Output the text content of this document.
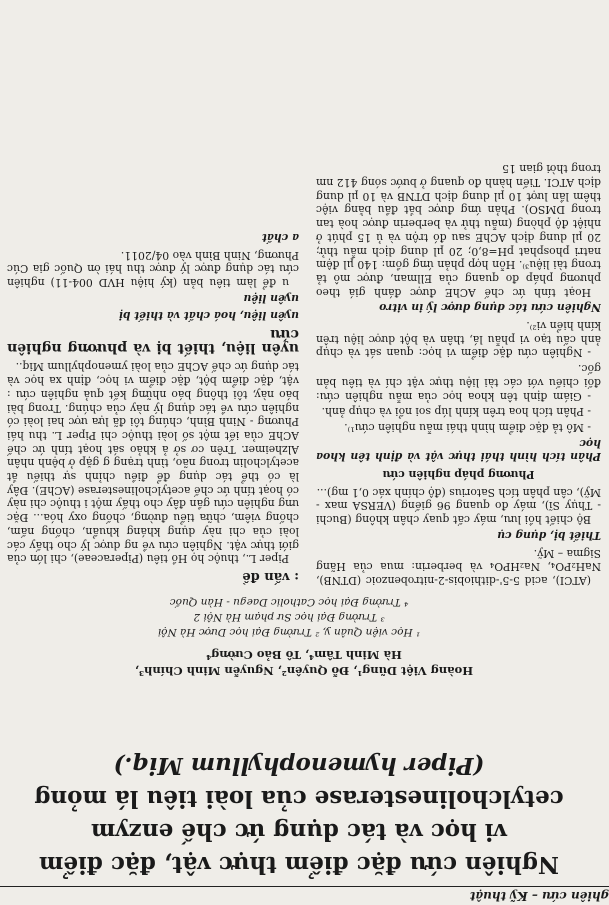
ghiên cứu – Kỹ thuật
Nghiên cứu đặc điểm thực vật, đặc điểm
vi học và tác dụng ức chế enzym
cetylcholinesterase của loài tiêu lá mỏng
(Piper hymenophyllum Miq.)
Hoàng Việt Dũng¹, Đỗ Quyên², Nguyễn Minh Chính³,
Hà Minh Tâm⁴, Tô Bảo Cường⁴
¹ Học viện Quân y, ² Trường Đại học Dược Hà Nội
³ Trường Đại học Sư phạm Hà Nội 2
⁴ Trường Đại học Catholic Daegu - Hàn Quốc
: vấn đề

Piper L., thuộc họ Hồ tiêu (Piperaceae), chi lớn của giới thực vật. Nghiên cứu về ng dược lý cho thấy các loài của chi này dụng kháng khuẩn, chống nấm, chống viêm, chữa tiểu đường, chống oxy hóa... Đặc ưng nghiên cứu gần đây cho thấy một i thuộc chi này có hoạt tính ức chế acetylcholinesterase (AChE). Đây là có thể tác dụng để điều chỉnh sự thiếu ắt acetylcholin trong não, tình trạng g gặp ở bệnh nhân Alzheimer. Trên cơ sở ả khảo sát hoạt tính ức chế AChE của iết một số loài thuộc chi Piper L. thu hái Phương - Ninh Bình, chúng tôi đã lựa ược hai loài có nghiên cứu về tác dụng lý này của chúng. Trong bài báo này, tôi thông báo những kết quả nghiên cứu : vật, đặc điểm bột, đặc điểm vi học, định xa học và tác dụng ức chế AChE của loài ymenophyllum Miq..

uyên liệu, thiết bị và phương nghiên cứu
uyên liệu, hoá chất và thiết bị
uyên liệu

u để làm tiêu bản (ký hiệu HVD 004-11) nghiên cứu tác dụng được lý được thu hái ờn Quốc gia Cúc Phương, Ninh Bình vào 04/2011.

a chất

(ATCI), acid 5-5'-dithiobis-2-nitrobenzoic (DTNB), NaH₂PO₄, Na₂HPO₄ và berberin: mua của Hãng Sigma – Mỹ.

Thiết bị, dụng cụ

Bộ chiết hồi lưu, máy cất quay chân không (Buchi - Thụy Sĩ), máy đo quang 96 giếng (VERSA max - Mỹ), cân phân tích Satorius (độ chính xác 0,1 mg)...

Phương pháp nghiên cứu
Phân tích hình thái thực vật và định tên khoa học

- Mô tả đặc điểm hình thái mẫu nghiên cứu¹⁾.

- Phân tích hoa trên kính lúp soi nổi và chụp ảnh.

- Giám định tên khoa học của mẫu nghiên cứu: đối chiếu với các tài liệu thực vật chí và tiêu bản gốc.

- Nghiên cứu đặc điểm vi học: quan sát và chụp ảnh cấu tạo vi phẫu lá, thân và bột dược liệu trên kính hiển vi²⁾.

Nghiên cứu tác dụng dược lý in vitro

Hoạt tính ức chế AChE được đánh giá theo phương pháp đo quang của Ellman, được mô tả trong tài liệu³⁾. Hỗn hợp phản ứng gồm: 140 µl đệm natri phosphat pH=8,0; 20 µl dung dịch mẫu thử; 20 µl dung dịch AChE sau đó trộn và ủ 15 phút ở nhiệt độ phòng (mẫu thử và berberin được hoà tan trong DMSO). Phản ứng được bắt đầu bằng việc thêm lần lượt 10 µl dung dịch DTNB và 10 µl dung dịch ATCI. Tiến hành đo quang ở bước sóng 412 nm trong thời gian 15
